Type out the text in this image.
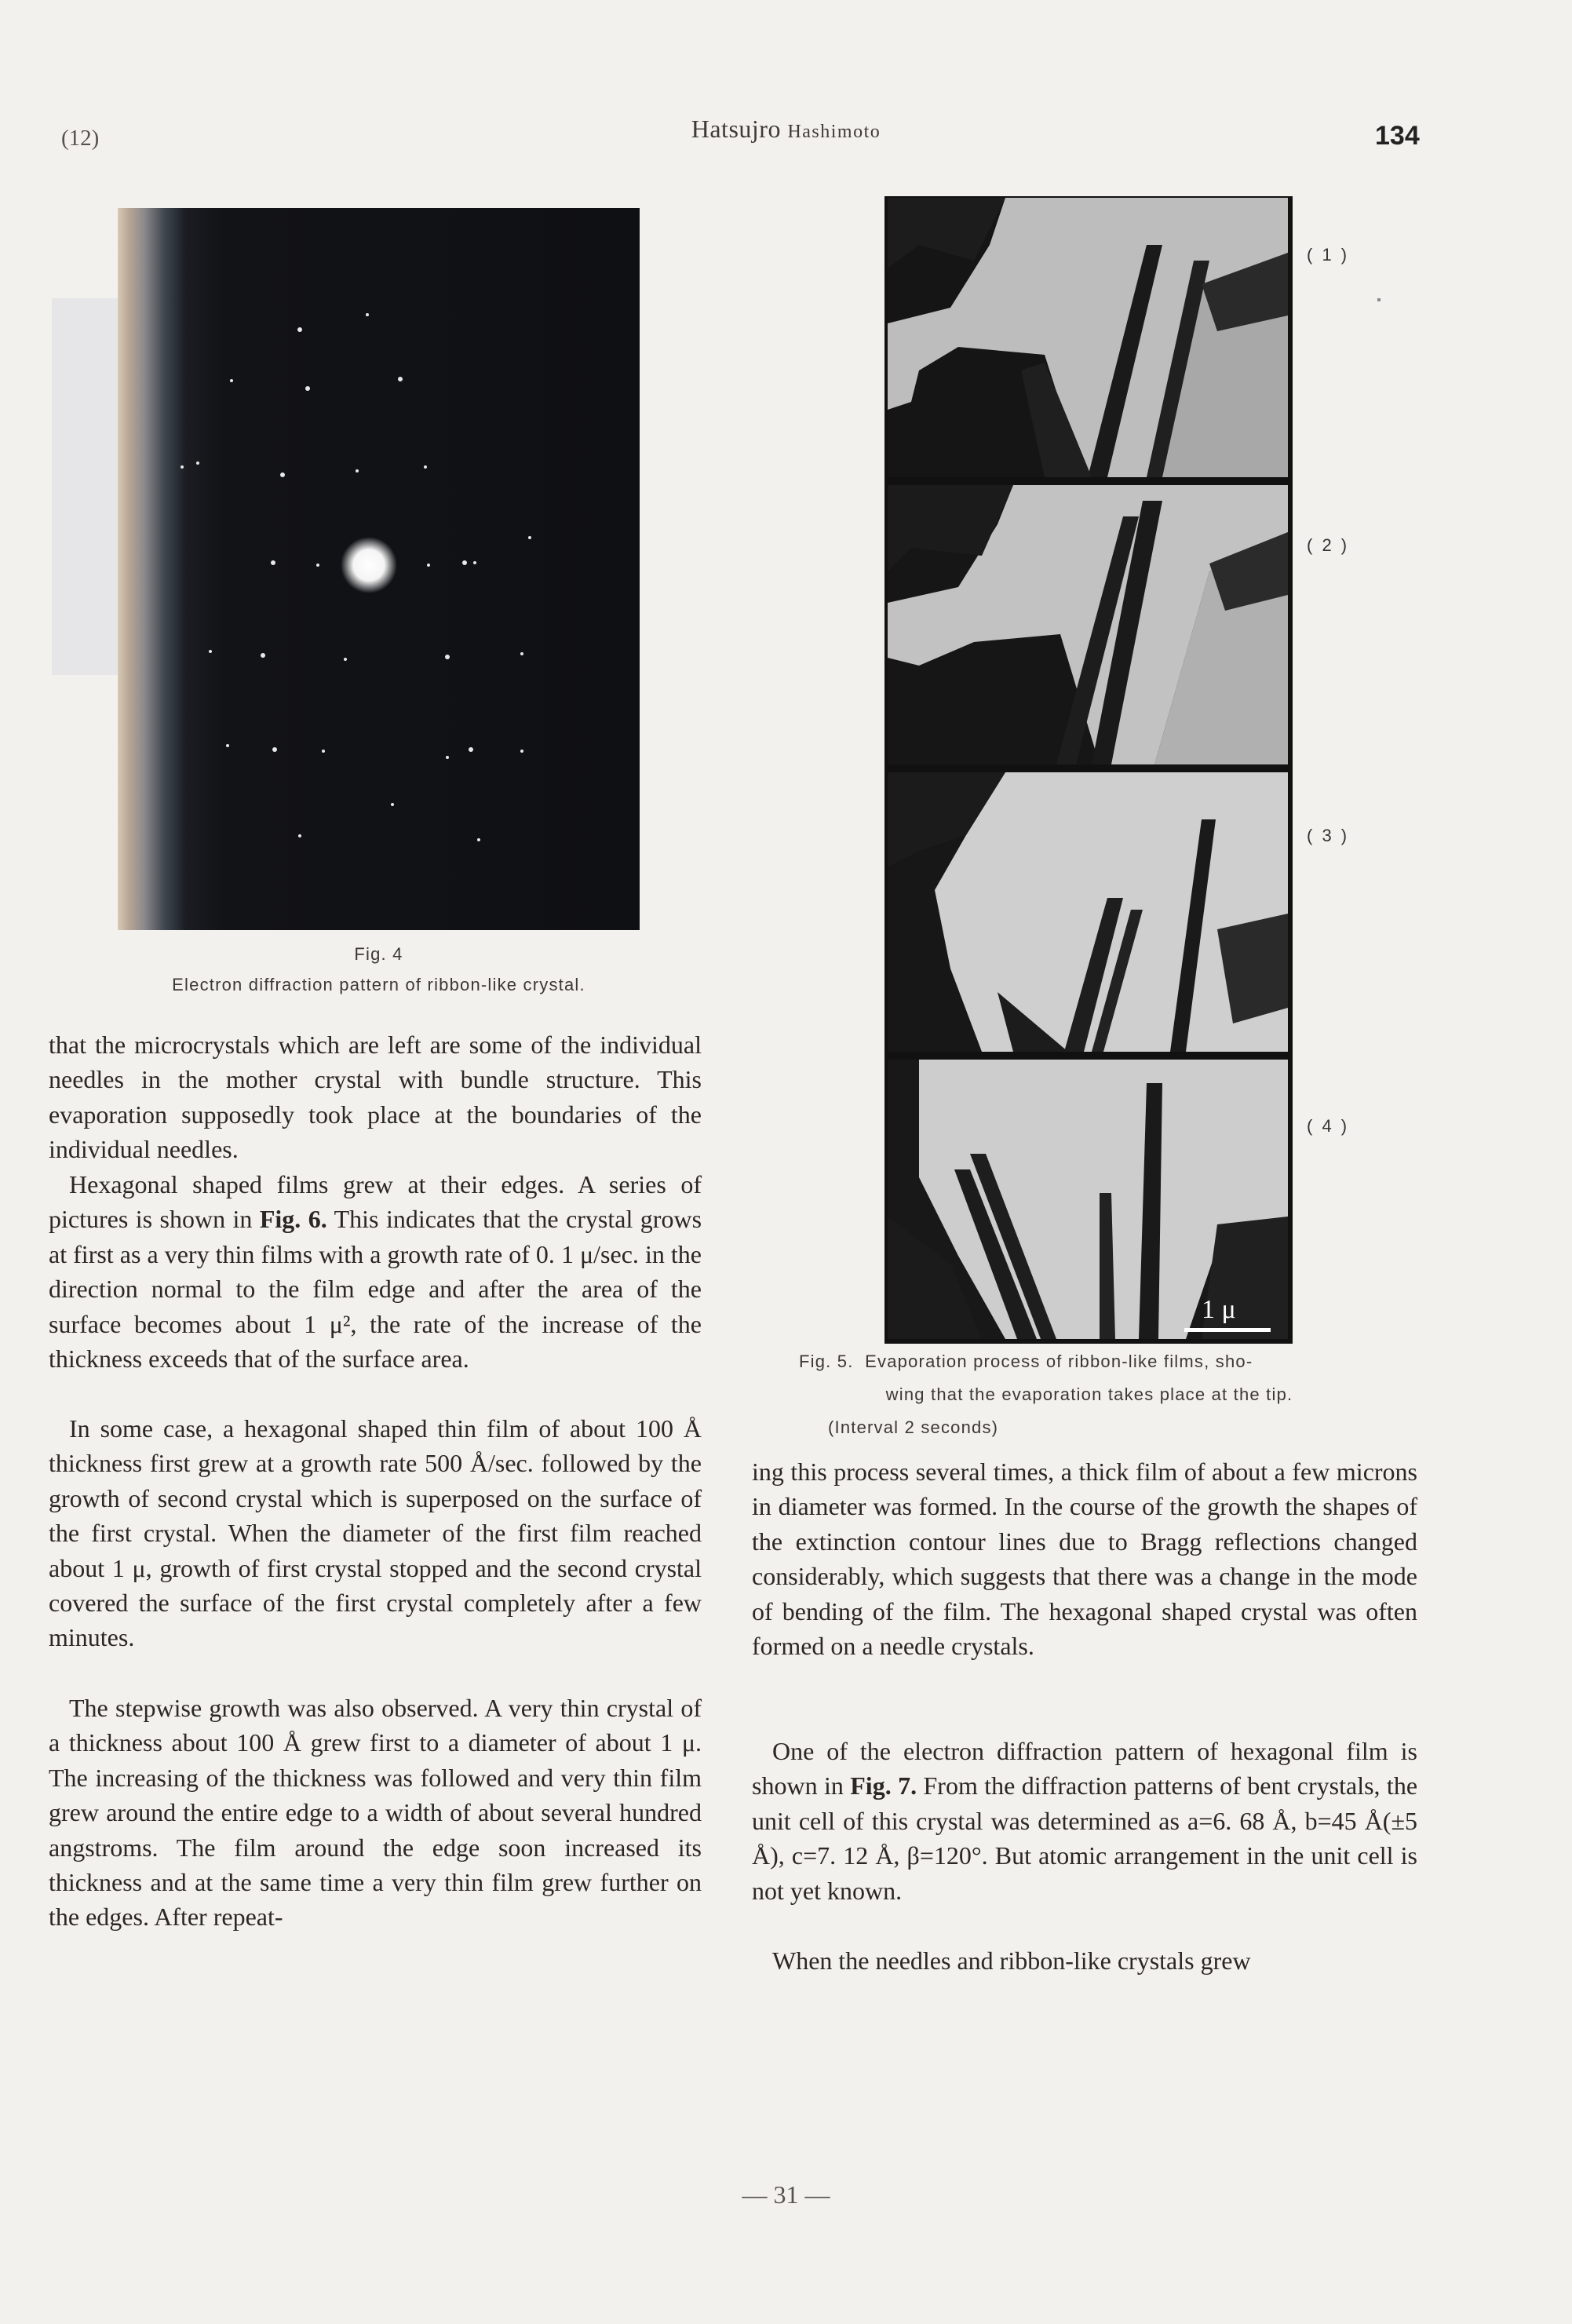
(12)	Hatsujro Hashimoto	134
Fig. 4
Electron diffraction pattern of ribbon-like crystal.
1 μ
( 1 )
( 2 )
( 3 )
( 4 )
Fig. 5. Evaporation process of ribbon-like films, sho-
wing that the evaporation takes place at the tip.
(Interval 2 seconds)

that the microcrystals which are left are some of the individual needles in the mother crystal with bundle structure. This evaporation supposedly took place at the boundaries of the individual needles.

Hexagonal shaped films grew at their edges. A series of pictures is shown in Fig. 6. This indicates that the crystal grows at first as a very thin films with a growth rate of 0. 1 μ/sec. in the direction normal to the film edge and after the area of the surface becomes about 1 μ², the rate of the increase of the thickness exceeds that of the surface area.

In some case, a hexagonal shaped thin film of about 100 Å thickness first grew at a growth rate 500 Å/sec. followed by the growth of second crystal which is superposed on the surface of the first crystal. When the diameter of the first film reached about 1 μ, growth of first crystal stopped and the second crystal covered the surface of the first crystal completely after a few minutes.

The stepwise growth was also observed. A very thin crystal of a thickness about 100 Å grew first to a diameter of about 1 μ. The increasing of the thickness was followed and very thin film grew around the entire edge to a width of about several hundred angstroms. The film around the edge soon increased its thickness and at the same time a very thin film grew further on the edges. After repeat-

ing this process several times, a thick film of about a few microns in diameter was formed. In the course of the growth the shapes of the extinction contour lines due to Bragg reflections changed considerably, which suggests that there was a change in the mode of bending of the film. The hexagonal shaped crystal was often formed on a needle crystals.

One of the electron diffraction pattern of hexagonal film is shown in Fig. 7. From the diffraction patterns of bent crystals, the unit cell of this crystal was determined as a=6. 68 Å, b=45 Å(±5 Å), c=7. 12 Å, β=120°. But atomic arrangement in the unit cell is not yet known.

When the needles and ribbon-like crystals grew

— 31 —
